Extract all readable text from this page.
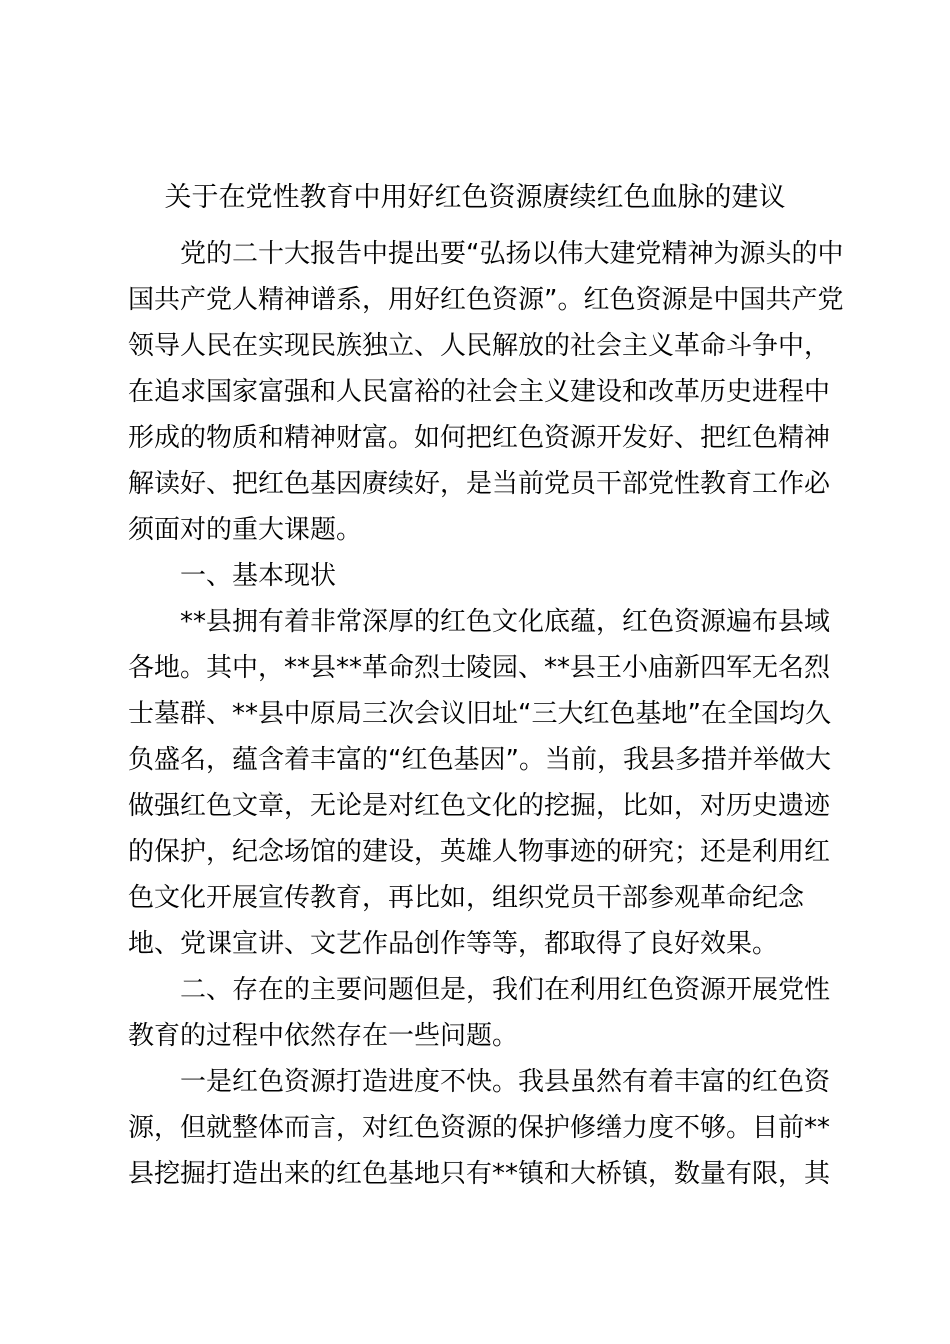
关于在党性教育中用好红色资源赓续红色血脉的建议

党的二十大报告中提出要“弘扬以伟大建党精神为源头的中

国共产党人精神谱系，用好红色资源”。红色资源是中国共产党

领导人民在实现民族独立、人民解放的社会主义革命斗争中，

在追求国家富强和人民富裕的社会主义建设和改革历史进程中

形成的物质和精神财富。如何把红色资源开发好、把红色精神

解读好、把红色基因赓续好，是当前党员干部党性教育工作必

须面对的重大课题。

一、基本现状

**县拥有着非常深厚的红色文化底蕴，红色资源遍布县域

各地。其中，**县**革命烈士陵园、**县王小庙新四军无名烈

士墓群、**县中原局三次会议旧址“三大红色基地”在全国均久

负盛名，蕴含着丰富的“红色基因”。当前，我县多措并举做大

做强红色文章，无论是对红色文化的挖掘，比如，对历史遗迹

的保护，纪念场馆的建设，英雄人物事迹的研究；还是利用红

色文化开展宣传教育，再比如，组织党员干部参观革命纪念

地、党课宣讲、文艺作品创作等等，都取得了良好效果。

二、存在的主要问题但是，我们在利用红色资源开展党性

教育的过程中依然存在一些问题。

一是红色资源打造进度不快。我县虽然有着丰富的红色资

源，但就整体而言，对红色资源的保护修缮力度不够。目前**

县挖掘打造出来的红色基地只有**镇和大桥镇，数量有限，其
